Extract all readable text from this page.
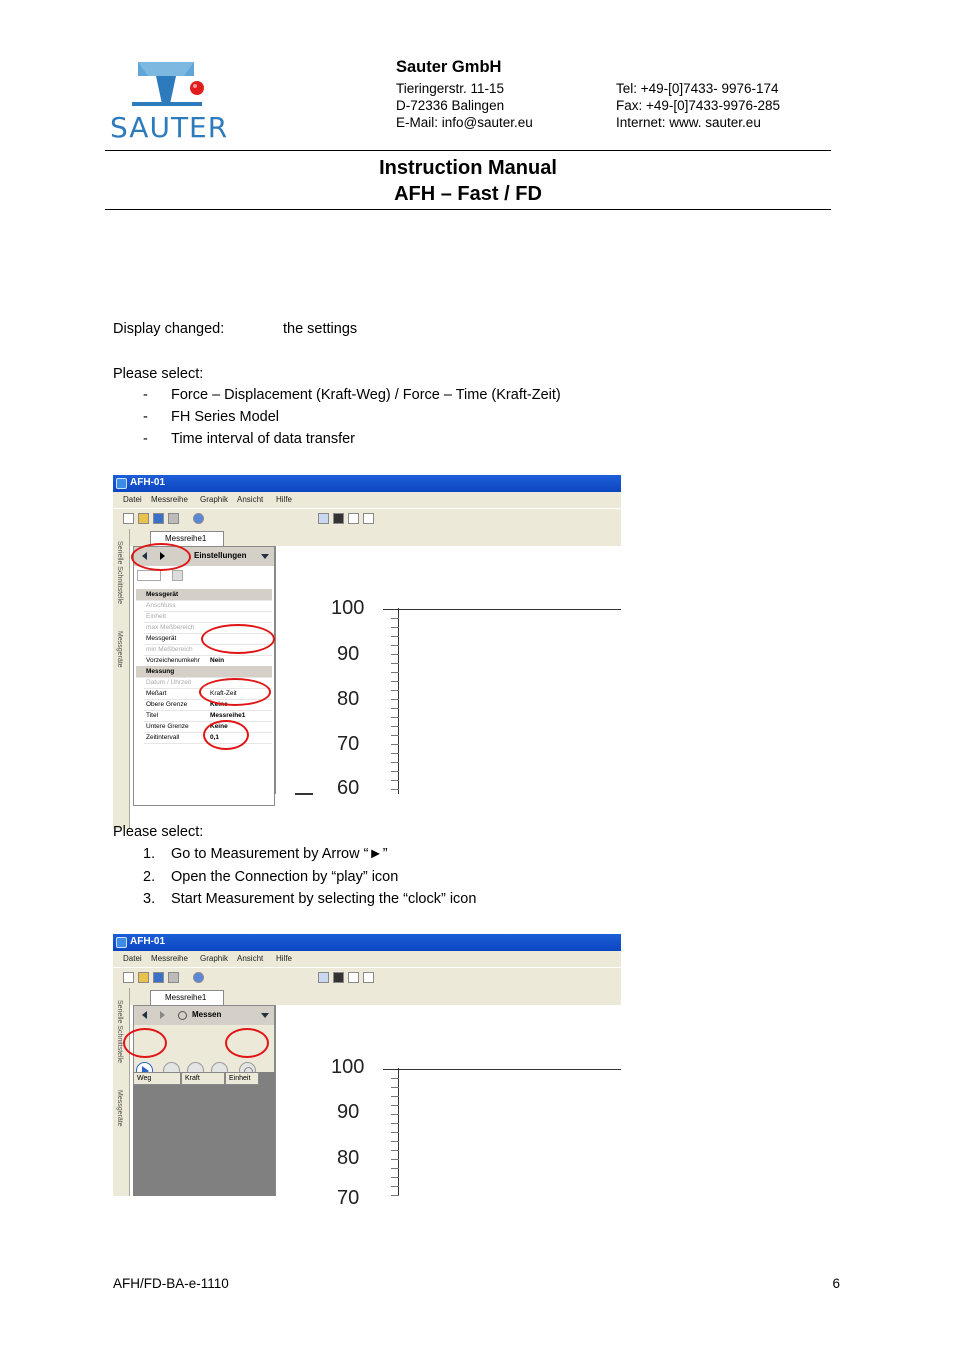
SAUTER
Sauter GmbH
Tieringerstr. 11-15
D-72336 Balingen
E-Mail: info@sauter.eu
Tel: +49-[0]7433- 9976-174
Fax: +49-[0]7433-9976-285
Internet: www. sauter.eu
Instruction Manual
AFH – Fast / FD
Display changed:	the settings
Please select:
-	Force – Displacement (Kraft-Weg) / Force – Time (Kraft-Zeit)
-	FH Series Model
-	Time interval of data transfer
AFH-01
Datei Messreihe Graphik Ansicht Hilfe
Serielle Schnittstelle
Messgeräte
Messreihe1
Einstellungen
Messgerät
Anschluss
Einheit
max Meßbereich
Messgerät
min Meßbereich
Vorzeichenumkehr Nein
Messung
Datum / Uhrzeit
Meßart	Kraft-Zeit
Obere Grenze	Keine
Titel	Messreihe1
Untere Grenze	Keine
Zeitintervall	0,1
100
90
80
70
60
Please select:
1.	Go to Measurement by Arrow “►”
2.	Open the Connection by “play” icon
3.	Start Measurement by selecting the “clock” icon
AFH-01
Datei Messreihe Graphik Ansicht Hilfe
Serielle Schnittstelle
Messgeräte
Messreihe1
Messen
Weg	Kraft	Einheit
100
90
80
70
AFH/FD-BA-e-1110	6
